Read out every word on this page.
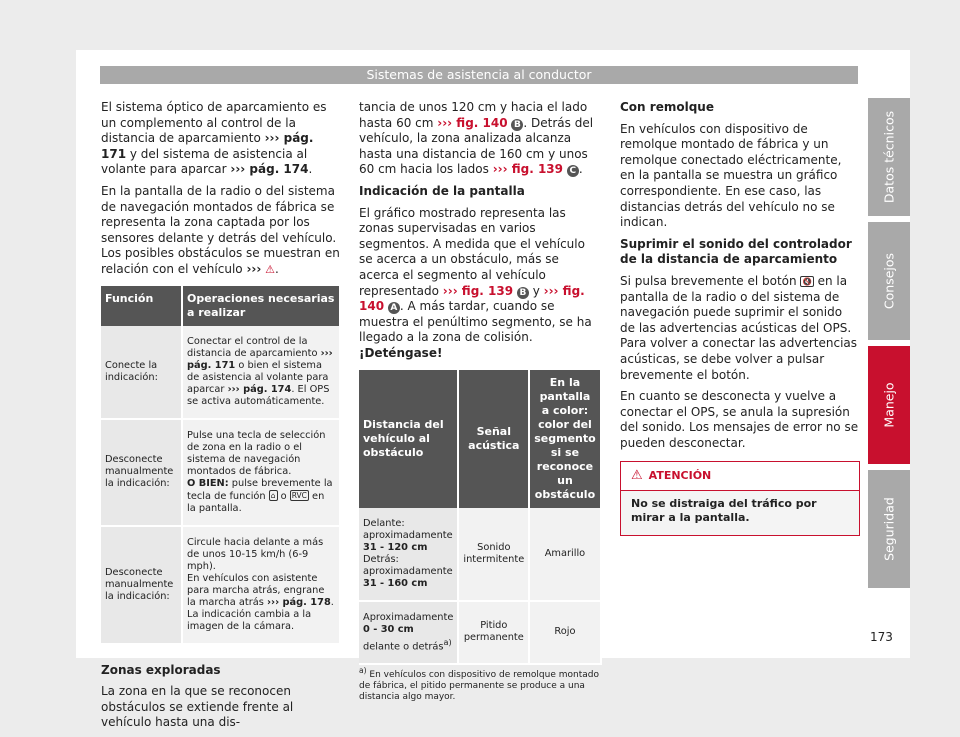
Sistemas de asistencia al conductor

El sistema óptico de aparcamiento es un complemento al control de la distancia de aparcamiento ››› pág. 171 y del sistema de asistencia al volante para aparcar ››› pág. 174.

En la pantalla de la radio o del sistema de navegación montados de fábrica se representa la zona captada por los sensores delante y detrás del vehículo. Los posibles obstáculos se muestran en relación con el vehículo ››› ⚠.

Función	Operaciones necesarias a realizar
Conecte la indicación:	Conectar el control de la distancia de aparcamiento ››› pág. 171 o bien el sistema de asistencia al volante para aparcar ››› pág. 174. El OPS se activa automáticamente.
Desconecte manualmente la indicación:	Pulse una tecla de selección de zona en la radio o el sistema de navegación montados de fábrica.
O BIEN: pulse brevemente la tecla de función ⌂ o RVC en la pantalla.
Desconecte manualmente la indicación:	Circule hacia delante a más de unos 10-15 km/h (6-9 mph).
En vehículos con asistente para marcha atrás, engrane la marcha atrás ››› pág. 178. La indicación cambia a la imagen de la cámara.

Zonas exploradas

La zona en la que se reconocen obstáculos se extiende frente al vehículo hasta una dis-

tancia de unos 120 cm y hacia el lado hasta 60 cm ››› fig. 140 B . Detrás del vehículo, la zona analizada alcanza hasta una distancia de 160 cm y unos 60 cm hacia los lados ››› fig. 139 C .

Indicación de la pantalla

El gráfico mostrado representa las zonas supervisadas en varios segmentos. A medida que el vehículo se acerca a un obstáculo, más se acerca el segmento al vehículo representado ››› fig. 139 B y ››› fig. 140 A . A más tardar, cuando se muestra el penúltimo segmento, se ha llegado a la zona de colisión.
¡Deténgase!

Distancia del vehículo al obstáculo	Señal acústica	En la pantalla a color: color del segmento si se reconoce un obstáculo
Delante: aproximadamente 31 - 120 cm Detrás: aproximadamente 31 - 160 cm	Sonido intermitente	Amarillo
Aproximadamente 0 - 30 cm delante o detrás$^{a)}$	Pitido permanente	Rojo

$^{a)}$ En vehículos con dispositivo de remolque montado de fábrica, el pitido permanente se produce a una distancia algo mayor.

Con remolque

En vehículos con dispositivo de remolque montado de fábrica y un remolque conectado eléctricamente, en la pantalla se muestra un gráfico correspondiente. En ese caso, las distancias detrás del vehículo no se indican.

Suprimir el sonido del controlador de la distancia de aparcamiento

Si pulsa brevemente el botón 🔇 en la pantalla de la radio o del sistema de navegación puede suprimir el sonido de las advertencias acústicas del OPS. Para volver a conectar las advertencias acústicas, se debe volver a pulsar brevemente el botón.

En cuanto se desconecta y vuelve a conectar el OPS, se anula la supresión del sonido. Los mensajes de error no se pueden desconectar.

⚠ ATENCIÓN
No se distraiga del tráfico por mirar a la pantalla.
Datos técnicos
Consejos
Manejo
Seguridad
173
